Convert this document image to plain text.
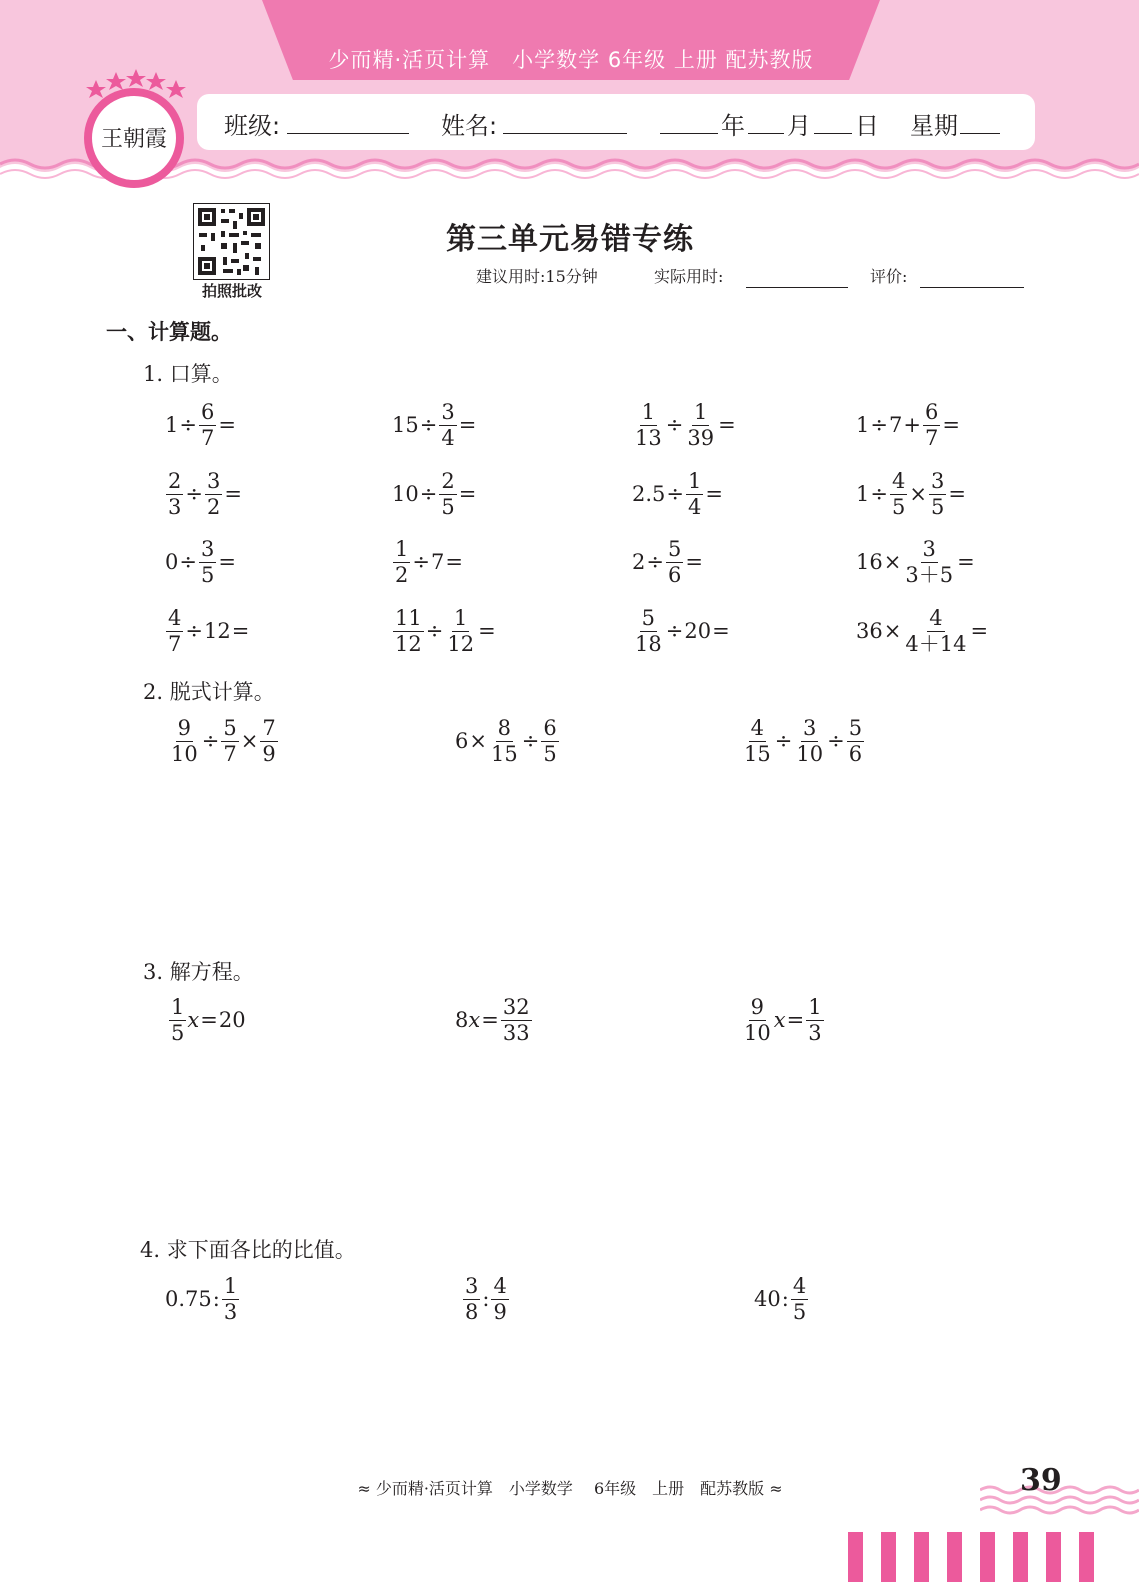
少而精·活页计算　小学数学 6年级 上册 配苏教版
班级:	姓名:	年 月 日 星期
王朝霞
拍照批改
第三单元易错专练
建议用时:15分钟	实际用时:	评价:
一、计算题。
1. 口算。
$1 \div \frac{6}{7}$ =	$15 \div \frac{3}{4}$ =	$\frac{1}{13} \div \frac{1}{39}$ =	$1 \div 7 + \frac{6}{7}$ =
$\frac{2}{3} \div \frac{3}{2}$ =	$10 \div \frac{2}{5}$ =	$2.5 \div \frac{1}{4}$ =	$1 \div \frac{4}{5} \times \frac{3}{5}$ =
$0 \div \frac{3}{5}$ =	$\frac{1}{2} \div 7$ =	$2 \div \frac{5}{6}$ =	$16 \times \frac{3}{3+5}$ =
$\frac{4}{7} \div 12$ =	$\frac{11}{12} \div \frac{1}{12}$ =	$\frac{5}{18} \div 20$ =	$36 \times \frac{4}{4+14}$ =
2. 脱式计算。
$\frac{9}{10} \div \frac{5}{7} \times \frac{7}{9}$	$6 \times \frac{8}{15} \div \frac{6}{5}$	$\frac{4}{15} \div \frac{3}{10} \div \frac{5}{6}$
3. 解方程。
$\frac{1}{5}$ x = 20	8 $x = \frac{32}{33}$	$\frac{9}{10}$ $x = \frac{1}{3}$
4. 求下面各比的比值。
0.75 : $\frac{1}{3}$	$\frac{3}{8}$ : $\frac{4}{9}$	40 : $\frac{4}{5}$
≈ 少而精·活页计算　小学数学　 6年级　上册　配苏教版 ≈	39
